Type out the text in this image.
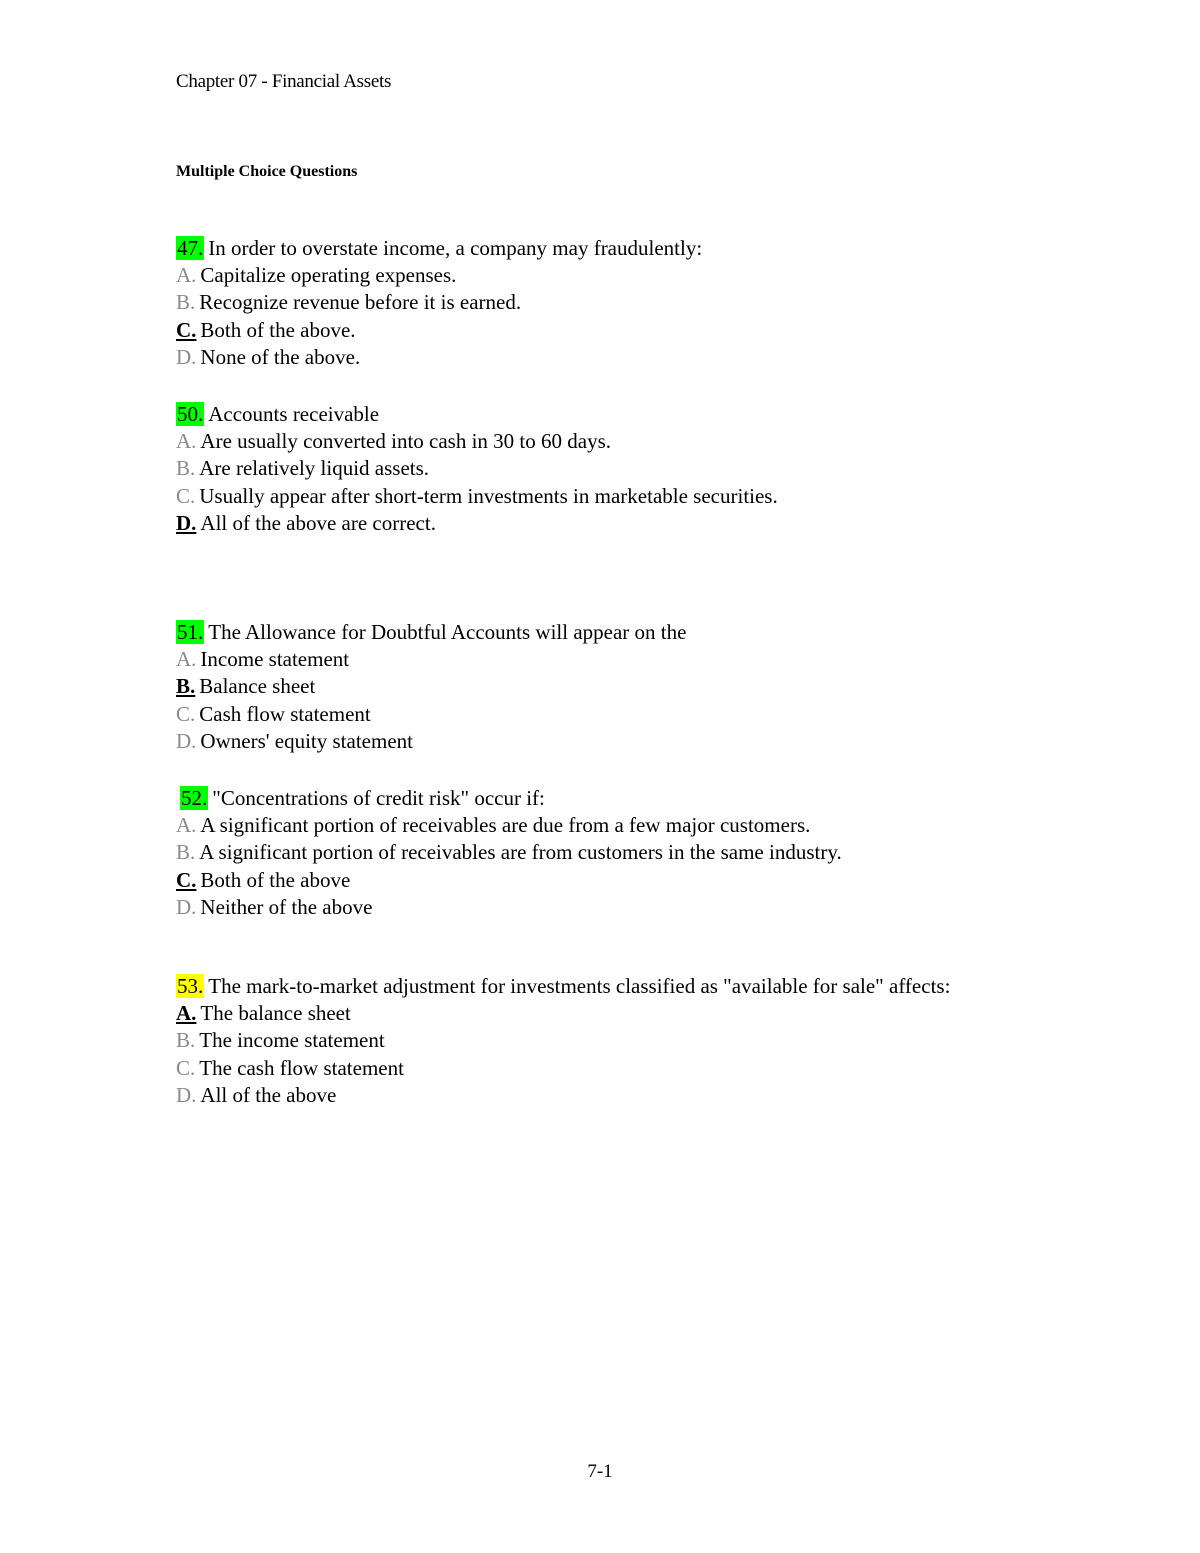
Chapter 07 - Financial Assets
Multiple Choice Questions

47. In order to overstate income, a company may fraudulently:

A. Capitalize operating expenses.
B. Recognize revenue before it is earned.
C. Both of the above.
D. None of the above.

50. Accounts receivable

A. Are usually converted into cash in 30 to 60 days.
B. Are relatively liquid assets.
C. Usually appear after short-term investments in marketable securities.
D. All of the above are correct.

51. The Allowance for Doubtful Accounts will appear on the

A. Income statement
B. Balance sheet
C. Cash flow statement
D. Owners' equity statement

52. "Concentrations of credit risk" occur if:

A. A significant portion of receivables are due from a few major customers.
B. A significant portion of receivables are from customers in the same industry.
C. Both of the above
D. Neither of the above

53. The mark-to-market adjustment for investments classified as "available for sale" affects:

A. The balance sheet
B. The income statement
C. The cash flow statement
D. All of the above
7-1
